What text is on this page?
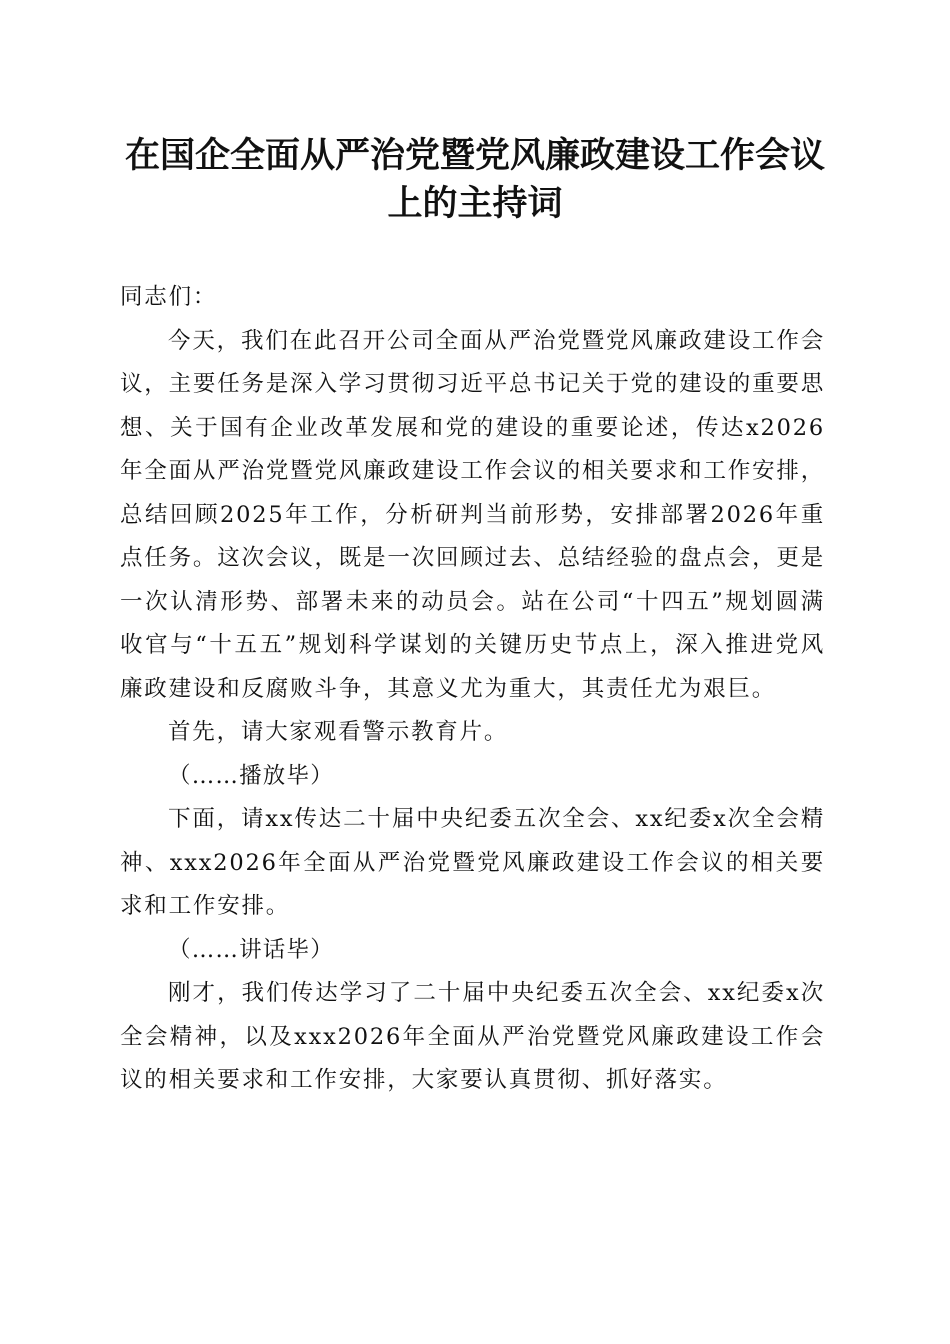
在国企全面从严治党暨党风廉政建设工作会议
上的主持词

同志们：

今天，我们在此召开公司全面从严治党暨党风廉政建设工作会议，主要任务是深入学习贯彻习近平总书记关于党的建设的重要思想、关于国有企业改革发展和党的建设的重要论述，传达x2026年全面从严治党暨党风廉政建设工作会议的相关要求和工作安排，总结回顾2025年工作，分析研判当前形势，安排部署2026年重点任务。这次会议，既是一次回顾过去、总结经验的盘点会，更是一次认清形势、部署未来的动员会。站在公司“十四五”规划圆满收官与“十五五”规划科学谋划的关键历史节点上，深入推进党风廉政建设和反腐败斗争，其意义尤为重大，其责任尤为艰巨。

首先，请大家观看警示教育片。

（……播放毕）

下面，请xx传达二十届中央纪委五次全会、xx纪委x次全会精神、xxx2026年全面从严治党暨党风廉政建设工作会议的相关要求和工作安排。

（……讲话毕）

刚才，我们传达学习了二十届中央纪委五次全会、xx纪委x次全会精神，以及xxx2026年全面从严治党暨党风廉政建设工作会议的相关要求和工作安排，大家要认真贯彻、抓好落实。
